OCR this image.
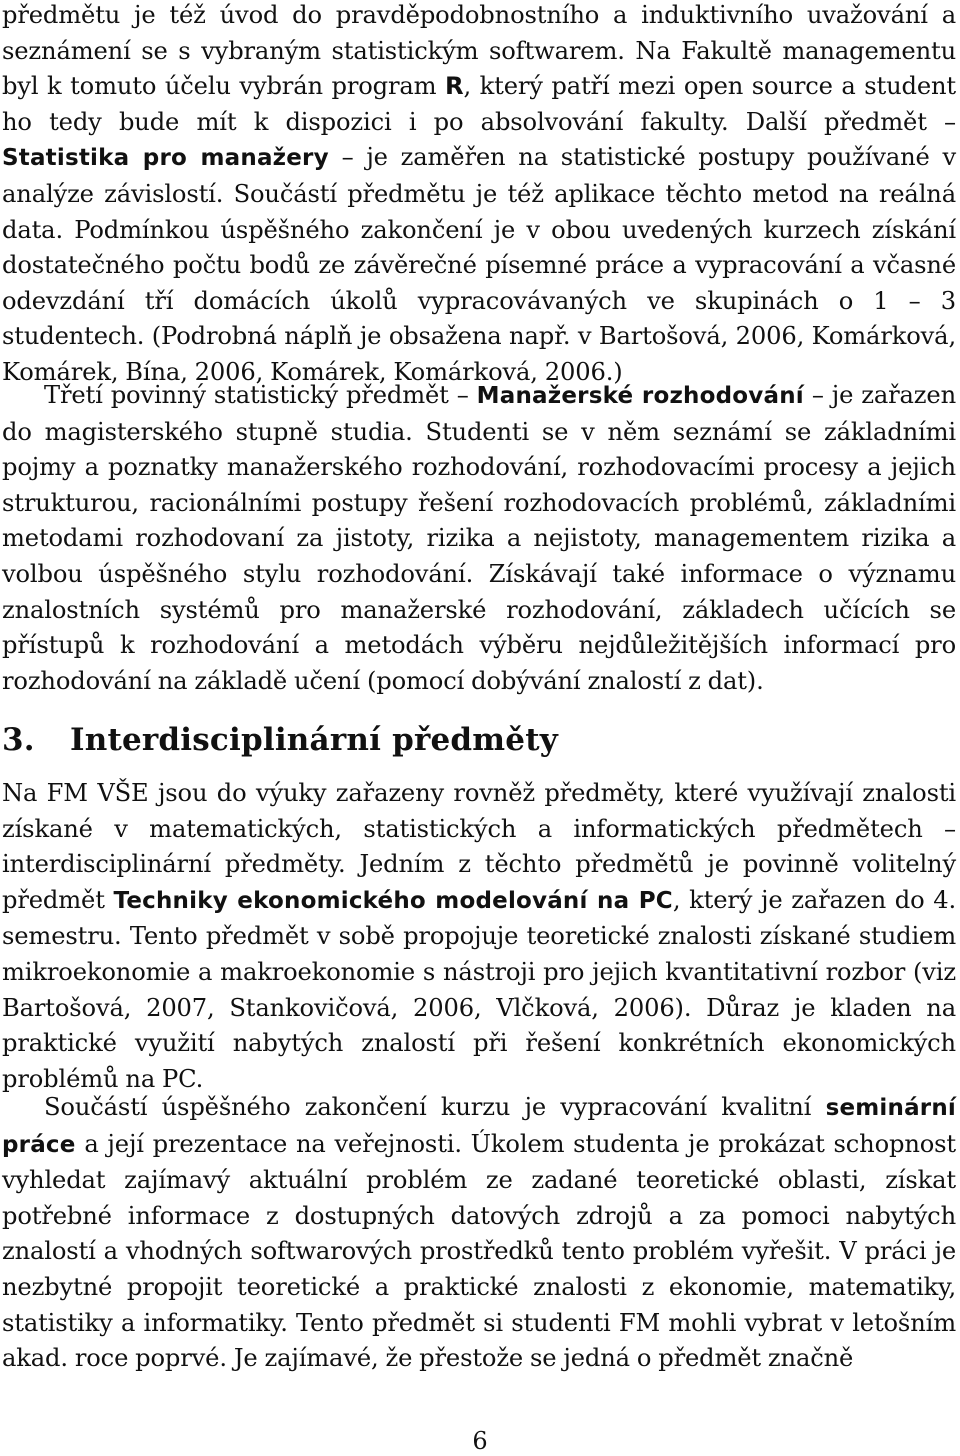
předmětu je též úvod do pravděpodobnostního a induktivního uvažování a seznámení se s vybraným statistickým softwarem. Na Fakultě managementu byl k tomuto účelu vybrán program R, který patří mezi open source a student ho tedy bude mít k dispozici i po absolvování fakulty. Další předmět – Statistika pro manažery – je zaměřen na statistické postupy používané v analýze závislostí. Součástí předmětu je též aplikace těchto metod na reálná data. Podmínkou úspěšného zakončení je v obou uvedených kurzech získání dostatečného počtu bodů ze závěrečné písemné práce a vypracování a včasné odevzdání tří domácích úkolů vypracovávaných ve skupinách o 1 – 3 studentech. (Podrobná náplň je obsažena např. v Bartošová, 2006, Komárková, Komárek, Bína, 2006, Komárek, Komárková, 2006.)

Třetí povinný statistický předmět – Manažerské rozhodování – je zařazen do magisterského stupně studia. Studenti se v něm seznámí se základními pojmy a poznatky manažerského rozhodování, rozhodovacími procesy a jejich strukturou, racionálními postupy řešení rozhodovacích problémů, základními metodami rozhodovaní za jistoty, rizika a nejistoty, managementem rizika a volbou úspěšného stylu rozhodování. Získávají také informace o významu znalostních systémů pro manažerské rozhodování, základech učících se přístupů k rozhodování a metodách výběru nejdůležitějších informací pro rozhodování na základě učení (pomocí dobývání znalostí z dat).

3. Interdisciplinární předměty

Na FM VŠE jsou do výuky zařazeny rovněž předměty, které využívají znalosti získané v matematických, statistických a informatických předmětech – interdisciplinární předměty. Jedním z těchto předmětů je povinně volitelný předmět Techniky ekonomického modelování na PC, který je zařazen do 4. semestru. Tento předmět v sobě propojuje teoretické znalosti získané studiem mikroekonomie a makroekonomie s nástroji pro jejich kvantitativní rozbor (viz Bartošová, 2007, Stankovičová, 2006, Vlčková, 2006). Důraz je kladen na praktické využití nabytých znalostí při řešení konkrétních ekonomických problémů na PC.

Součástí úspěšného zakončení kurzu je vypracování kvalitní seminární práce a její prezentace na veřejnosti. Úkolem studenta je prokázat schopnost vyhledat zajímavý aktuální problém ze zadané teoretické oblasti, získat potřebné informace z dostupných datových zdrojů a za pomoci nabytých znalostí a vhodných softwarových prostředků tento problém vyřešit. V práci je nezbytné propojit teoretické a praktické znalosti z ekonomie, matematiky, statistiky a informatiky. Tento předmět si studenti FM mohli vybrat v letošním akad. roce poprvé. Je zajímavé, že přestože se jedná o předmět značně

6
